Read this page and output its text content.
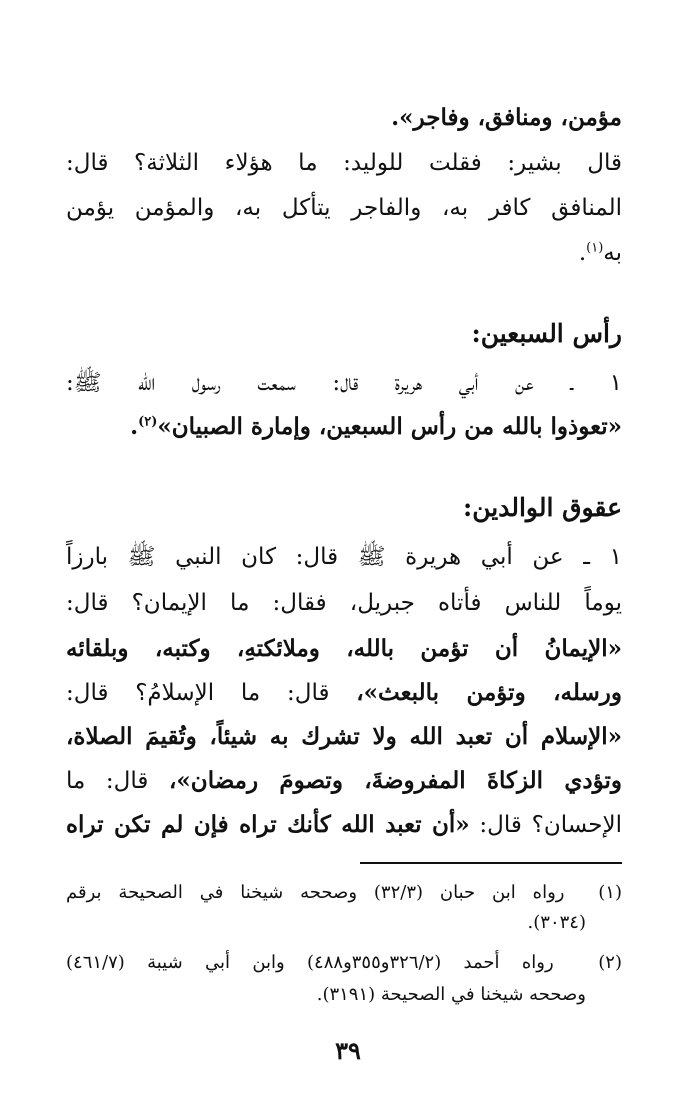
مؤمن، ومنافق، وفاجر».
قال بشير: فقلت للوليد: ما هؤلاء الثلاثة؟ قال:
المنافق كافر به، والفاجر يتأكل به، والمؤمن يؤمن
به$^{(١)}$.
رأس السبعين:
١ ـ عن أبي هريرة قال: سمعت رسول الله ﷺ:
«تعوذوا بالله من رأس السبعين، وإمارة الصبيان»$^{(٢)}$.
عقوق الوالدين:
١ ـ عن أبي هريرة ﷺ قال: كان النبي ﷺ بارزاً
يوماً للناس فأتاه جبريل، فقال: ما الإيمان؟ قال:
«الإيمانُ أن تؤمن بالله، وملائكتهِ، وكتبه، وبلقائه
ورسله، وتؤمن بالبعث»، قال: ما الإسلامُ؟ قال:
«الإسلام أن تعبد الله ولا تشرك به شيئاً، وتُقيمَ الصلاة،
وتؤدي الزكاةَ المفروضةَ، وتصومَ رمضان»، قال: ما
الإحسان؟ قال: «أن تعبد الله كأنك تراه فإن لم تكن تراه
(١)  رواه ابن حبان (٣٢/٣) وصححه شيخنا في الصحيحة برقم
(٣٠٣٤).
(٢)  رواه أحمد (٣٢٦/٢و٣٥٥و٤٨٨) وابن أبي شيبة (٤٦١/٧)
وصححه شيخنا في الصحيحة (٣١٩١).
٣٩
